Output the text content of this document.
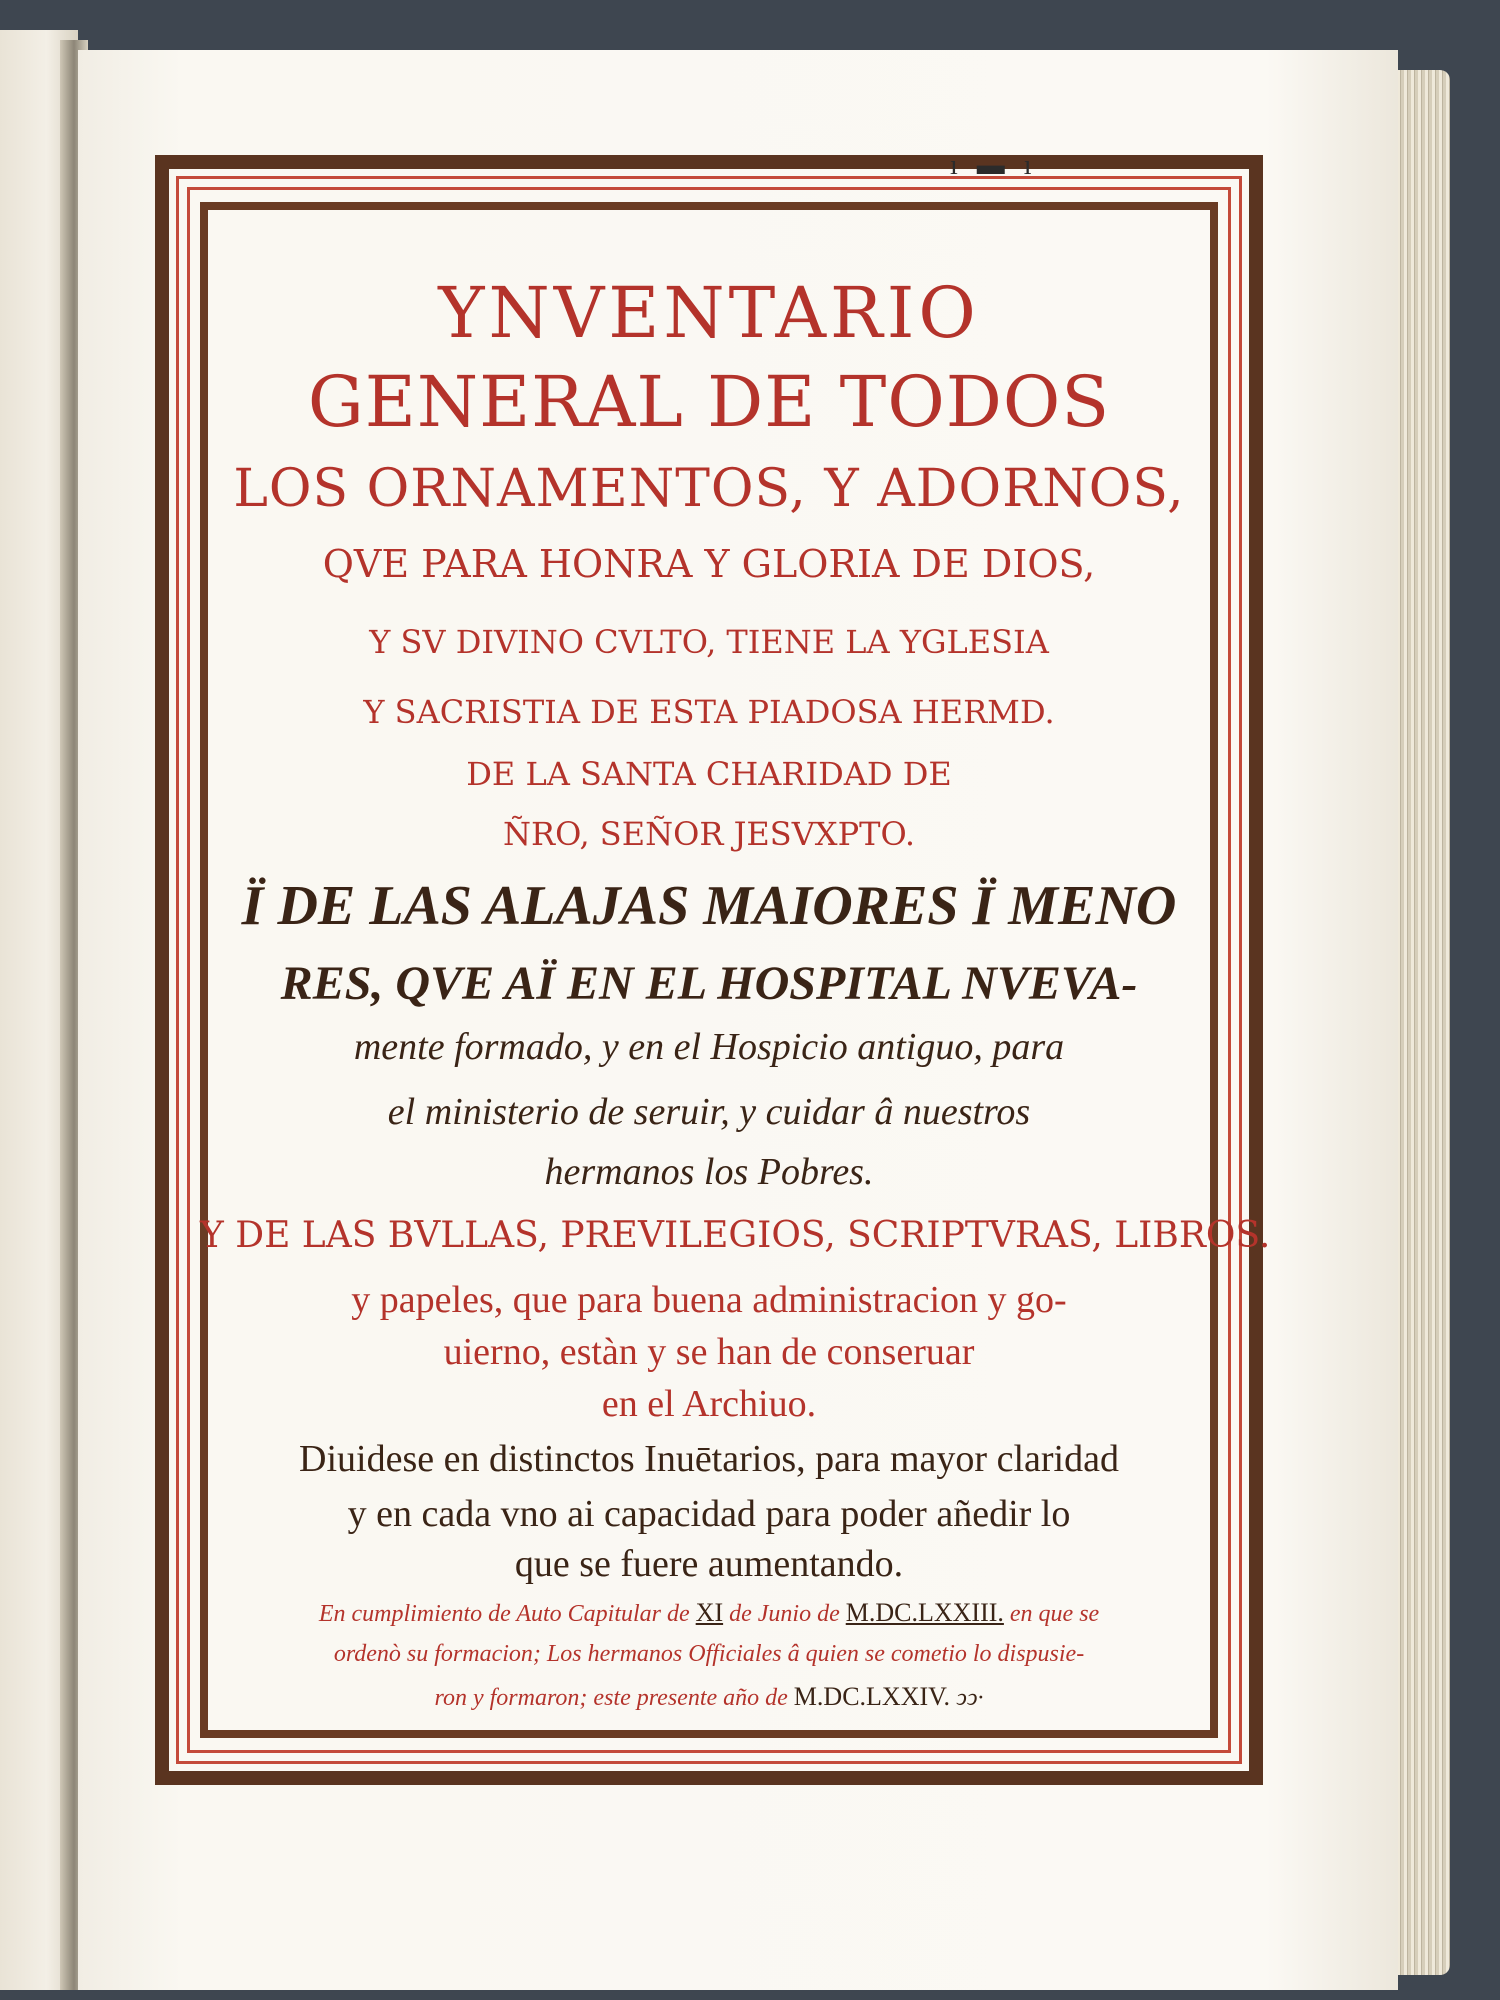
ı ▬ ı
YNVENTARIO
GENERAL DE TODOS
LOS ORNAMENTOS, Y ADORNOS,
QVE PARA HONRA Y GLORIA DE DIOS,
Y SV DIVINO CVLTO, TIENE LA YGLESIA
Y SACRISTIA DE ESTA PIADOSA HERMD.
DE LA SANTA CHARIDAD DE
ÑRO, SEÑOR JESVXPTO.
Ï DE LAS ALAJAS MAIORES Ï MENO
RES, QVE AÏ EN EL HOSPITAL NVEVA-
mente formado, y en el Hospicio antiguo, para
el ministerio de seruir, y cuidar â nuestros
hermanos los Pobres.
Y DE LAS BVLLAS, PREVILEGIOS, SCRIPTVRAS, LIBROS.
y papeles, que para buena administracion y go-
uierno, estàn y se han de conseruar
en el Archiuo.
Diuidese en distinctos Inuētarios, para mayor claridad
y en cada vno ai capacidad para poder añedir lo
que se fuere aumentando.
En cumplimiento de Auto Capitular de XI de Junio de M.DC.LXXIII. en que se
ordenò su formacion; Los hermanos Officiales â quien se cometio lo dispusie-
ron y formaron; este presente año de M.DC.LXXIV. ↄↄ·
